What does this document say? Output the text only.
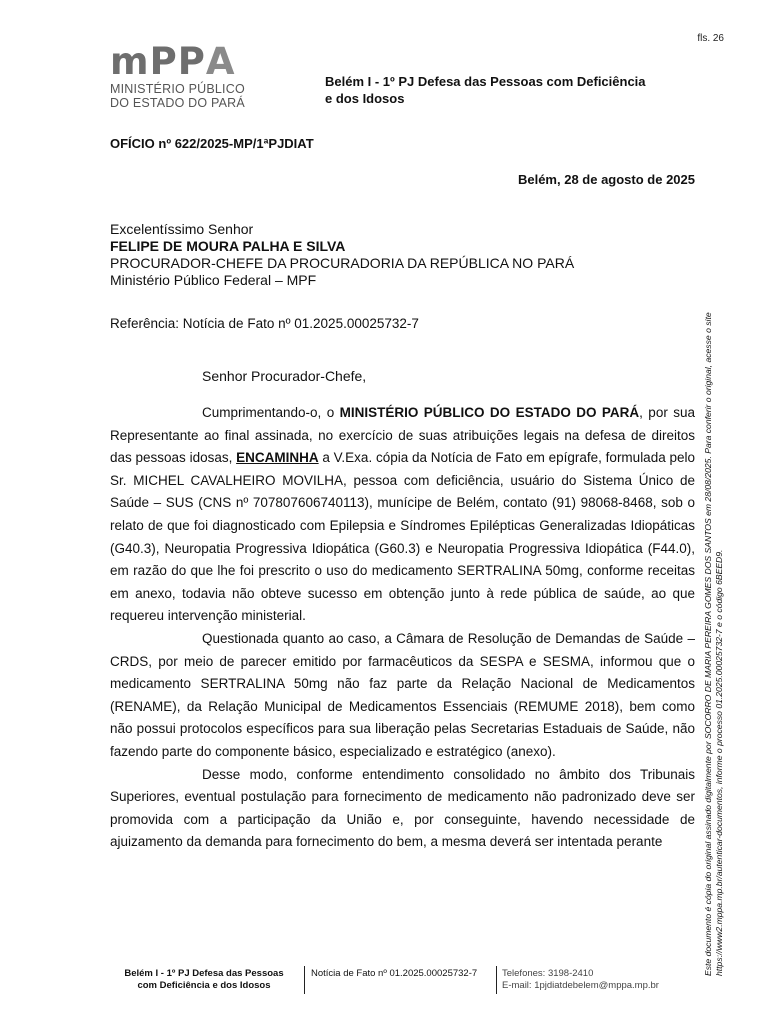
fls. 26
m P P A
MINISTÉRIO PÚBLICO
DO ESTADO DO PARÁ
Belém I - 1º PJ Defesa das Pessoas com Deficiência
e dos Idosos
OFÍCIO nº 622/2025-MP/1ªPJDIAT
Belém, 28 de agosto de 2025
Excelentíssimo Senhor
FELIPE DE MOURA PALHA E SILVA
PROCURADOR-CHEFE DA PROCURADORIA DA REPÚBLICA NO PARÁ
Ministério Público Federal – MPF
Referência: Notícia de Fato nº 01.2025.00025732-7
Senhor Procurador-Chefe,

Cumprimentando-o, o MINISTÉRIO PÚBLICO DO ESTADO DO PARÁ, por sua Representante ao final assinada, no exercício de suas atribuições legais na defesa de direitos das pessoas idosas, ENCAMINHA a V.Exa. cópia da Notícia de Fato em epígrafe, formulada pelo Sr. MICHEL CAVALHEIRO MOVILHA, pessoa com deficiência, usuário do Sistema Único de Saúde – SUS (CNS nº 707807606740113), munícipe de Belém, contato (91) 98068-8468, sob o relato de que foi diagnosticado com Epilepsia e Síndromes Epilépticas Generalizadas Idiopáticas (G40.3), Neuropatia Progressiva Idiopática (G60.3) e Neuropatia Progressiva Idiopática (F44.0), em razão do que lhe foi prescrito o uso do medicamento SERTRALINA 50mg, conforme receitas em anexo, todavia não obteve sucesso em obtenção junto à rede pública de saúde, ao que requereu intervenção ministerial.

Questionada quanto ao caso, a Câmara de Resolução de Demandas de Saúde – CRDS, por meio de parecer emitido por farmacêuticos da SESPA e SESMA, informou que o medicamento SERTRALINA 50mg não faz parte da Relação Nacional de Medicamentos (RENAME), da Relação Municipal de Medicamentos Essenciais (REMUME 2018), bem como não possui protocolos específicos para sua liberação pelas Secretarias Estaduais de Saúde, não fazendo parte do componente básico, especializado e estratégico (anexo).

Desse modo, conforme entendimento consolidado no âmbito dos Tribunais Superiores, eventual postulação para fornecimento de medicamento não padronizado deve ser promovida com a participação da União e, por conseguinte, havendo necessidade de ajuizamento da demanda para fornecimento do bem, a mesma deverá ser intentada perante	Este documento é cópia do original assinado digitalmente por SOCORRO DE MARIA PEREIRA GOMES DOS SANTOS em 28/08/2025. Para conferir o original, acesse o site https://www2.mppa.mp.br/autenticar-documentos, informe o processo 01.2025.00025732-7 e o código 6BEED9.
Belém I - 1º PJ Defesa das Pessoas
com Deficiência e dos Idosos
Notícia de Fato nº 01.2025.00025732-7	Telefones: 3198-2410
E-mail: 1pjdiatdebelem@mppa.mp.br
